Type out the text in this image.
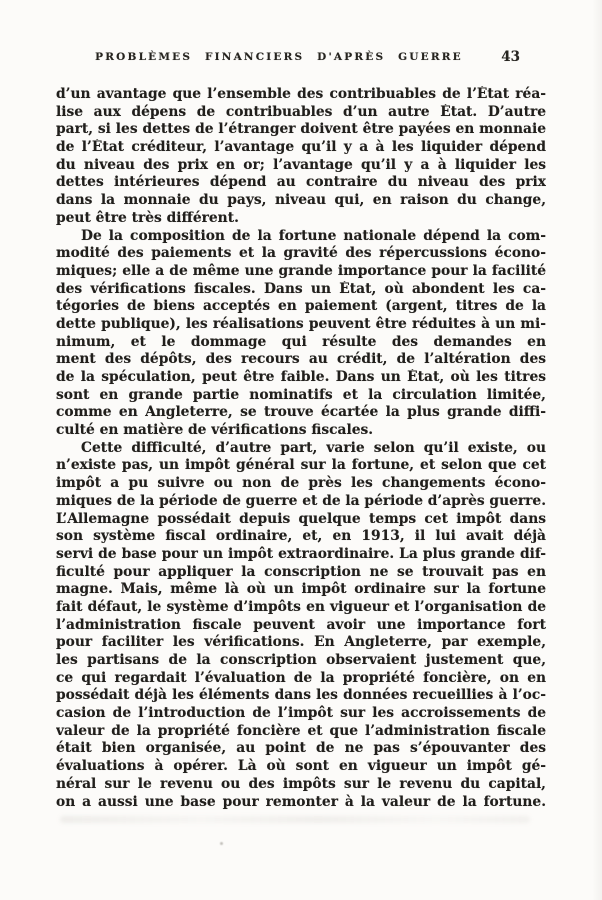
PROBLÈMES FINANCIERS D'APRÈS GUERRE	43
d’un avantage que l’ensemble des contribuables de l’État réa-
lise aux dépens de contribuables d’un autre État. D’autre
part, si les dettes de l’étranger doivent être payées en monnaie
de l’État créditeur, l’avantage qu’il y a à les liquider dépend
du niveau des prix en or; l’avantage qu’il y a à liquider les
dettes intérieures dépend au contraire du niveau des prix
dans la monnaie du pays, niveau qui, en raison du change,
peut être très différent.
De la composition de la fortune nationale dépend la com-
modité des paiements et la gravité des répercussions écono-
miques; elle a de même une grande importance pour la facilité
des vérifications fiscales. Dans un État, où abondent les ca-
tégories de biens acceptés en paiement (argent, titres de la
dette publique), les réalisations peuvent être réduites à un mi-
nimum, et le dommage qui résulte des demandes en
ment des dépôts, des recours au crédit, de l’altération des
de la spéculation, peut être faible. Dans un État, où les titres
sont en grande partie nominatifs et la circulation limitée,
comme en Angleterre, se trouve écartée la plus grande diffi-
culté en matière de vérifications fiscales.
Cette difficulté, d’autre part, varie selon qu’il existe, ou
n’existe pas, un impôt général sur la fortune, et selon que cet
impôt a pu suivre ou non de près les changements écono-
miques de la période de guerre et de la période d’après guerre.
L’Allemagne possédait depuis quelque temps cet impôt dans
son système fiscal ordinaire, et, en 1913, il lui avait déjà
servi de base pour un impôt extraordinaire. La plus grande dif-
ficulté pour appliquer la conscription ne se trouvait pas en
magne. Mais, même là où un impôt ordinaire sur la fortune
fait défaut, le système d’impôts en vigueur et l’organisation de
l’administration fiscale peuvent avoir une importance fort
pour faciliter les vérifications. En Angleterre, par exemple,
les partisans de la conscription observaient justement que,
ce qui regardait l’évaluation de la propriété foncière, on en
possédait déjà les éléments dans les données recueillies à l’oc-
casion de l’introduction de l’impôt sur les accroissements de
valeur de la propriété foncière et que l’administration fiscale
était bien organisée, au point de ne pas s’épouvanter des
évaluations à opérer. Là où sont en vigueur un impôt gé-
néral sur le revenu ou des impôts sur le revenu du capital,
on a aussi une base pour remonter à la valeur de la fortune.
